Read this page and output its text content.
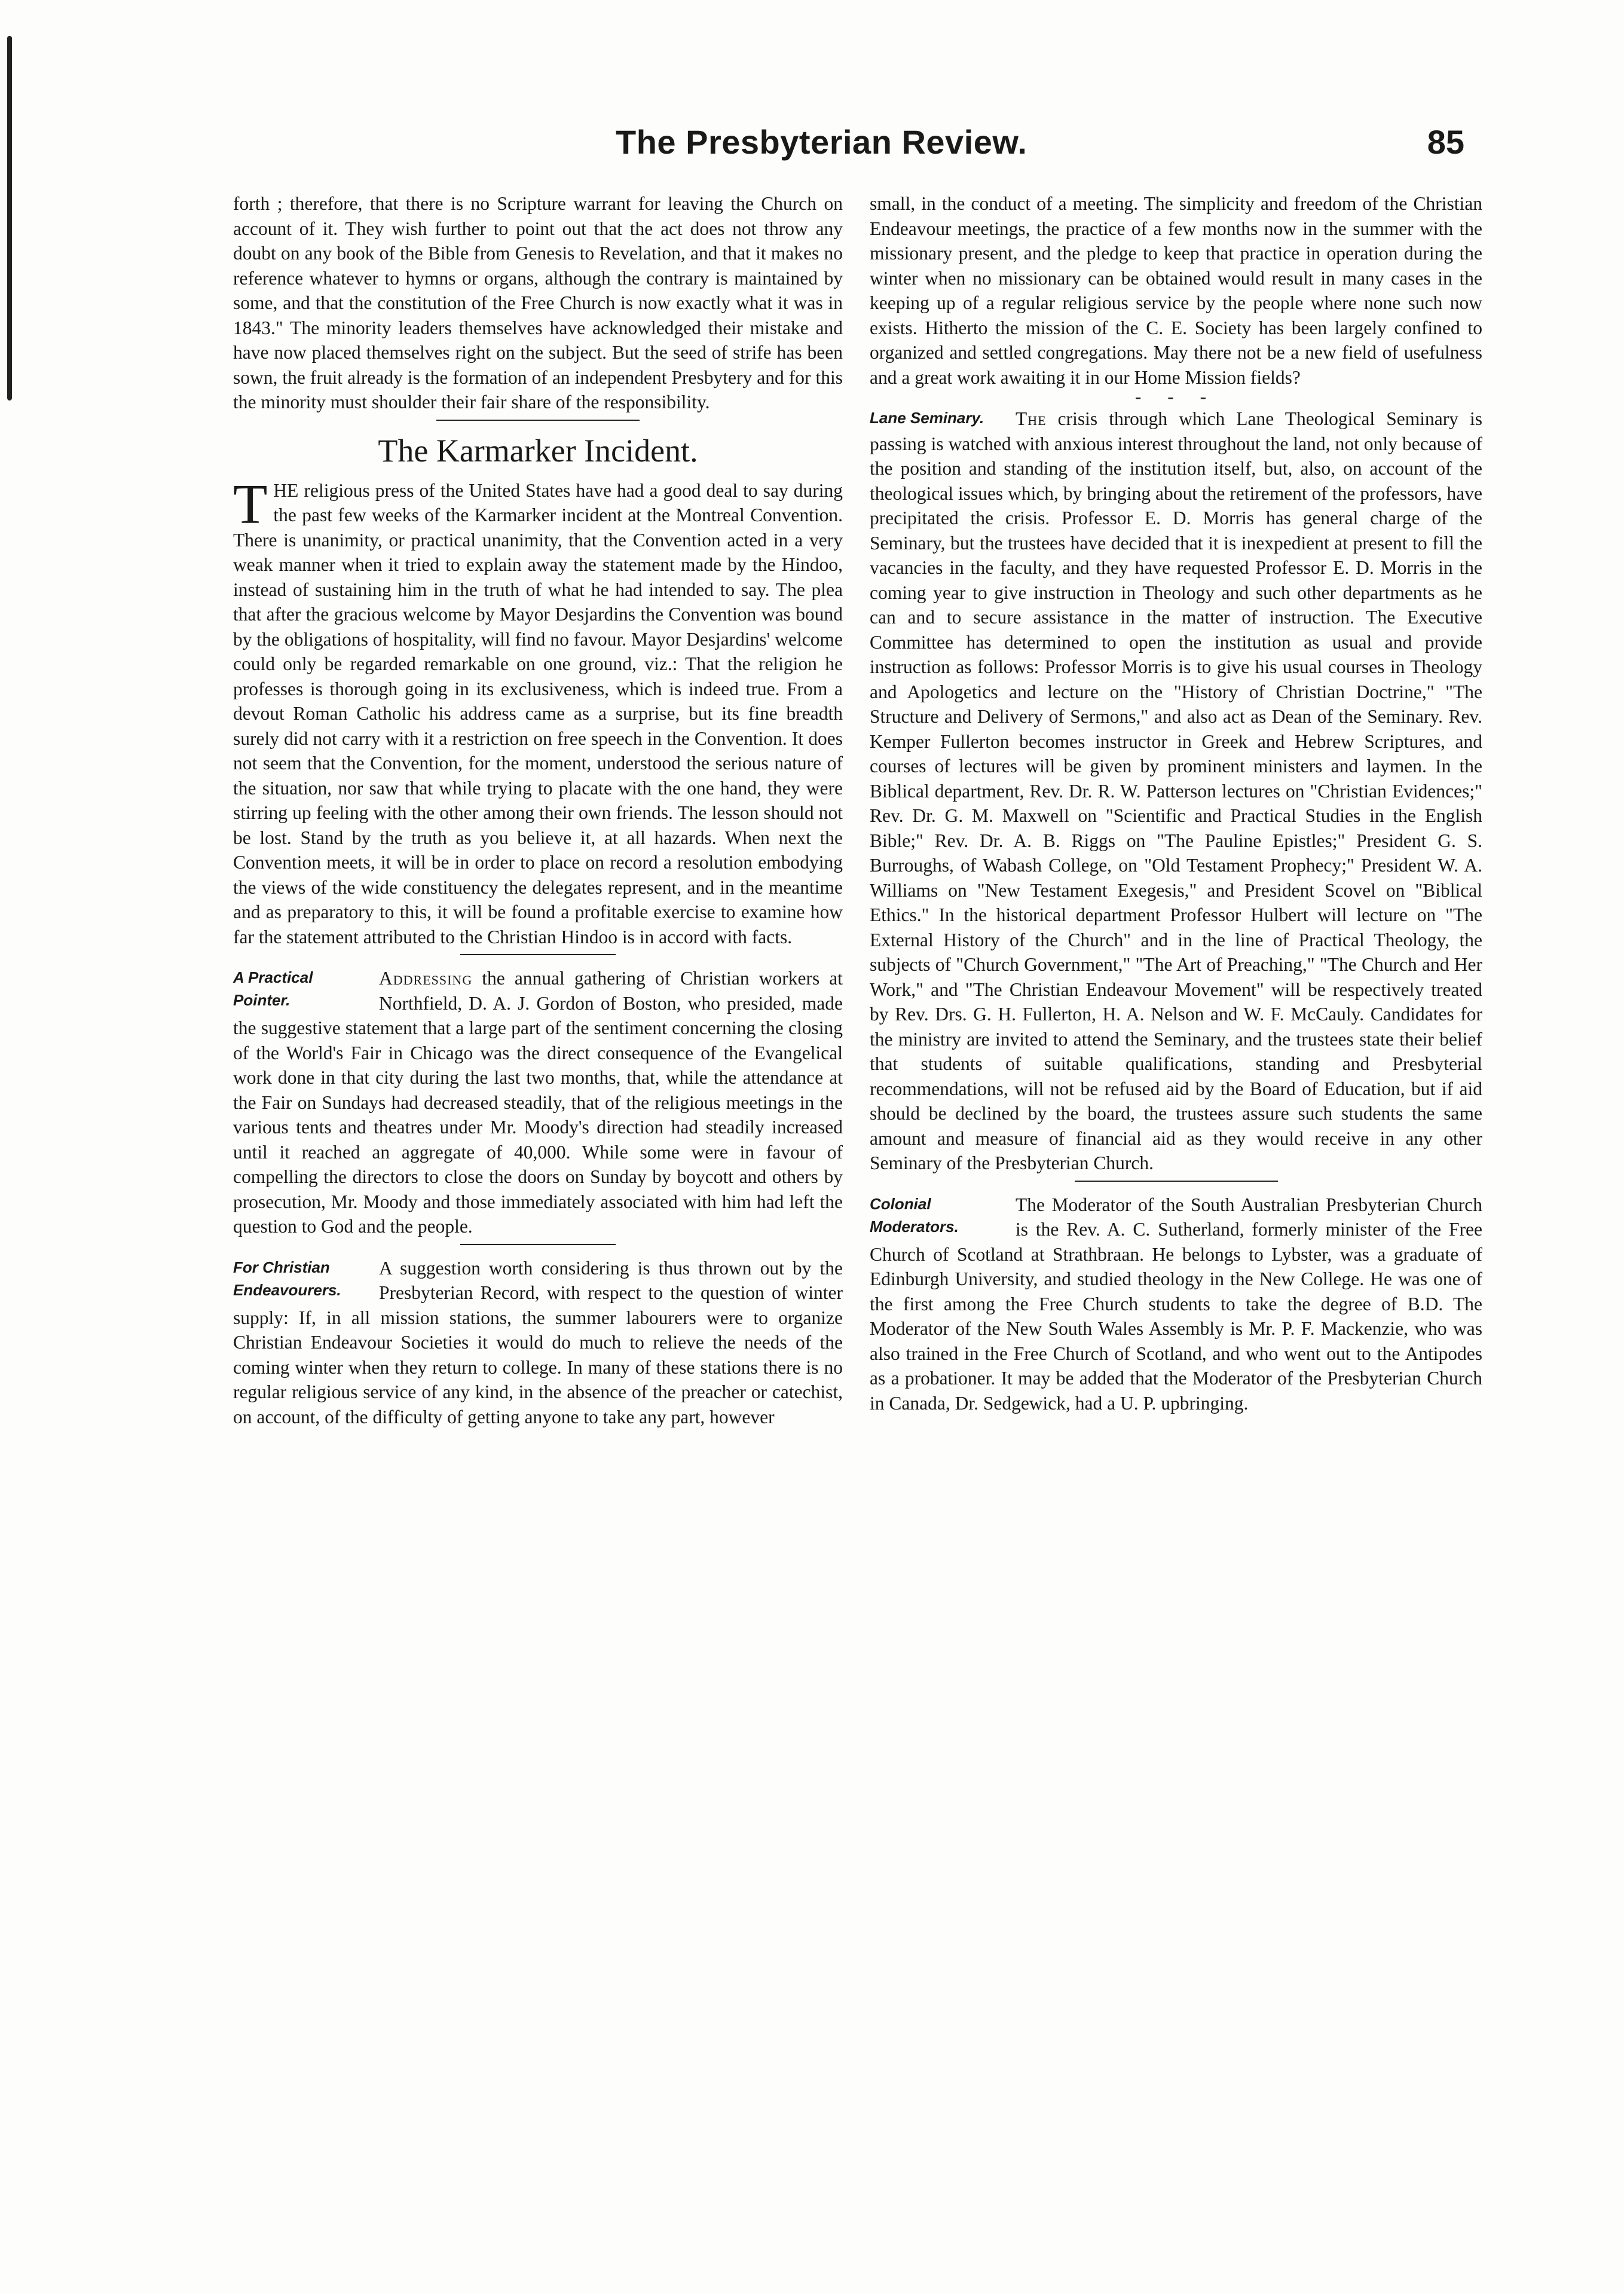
The Presbyterian Review.	85

forth ; therefore, that there is no Scripture warrant for leaving the Church on account of it. They wish further to point out that the act does not throw any doubt on any book of the Bible from Genesis to Revelation, and that it makes no reference whatever to hymns or organs, although the contrary is maintained by some, and that the constitution of the Free Church is now exactly what it was in 1843." The minority leaders themselves have acknowledged their mistake and have now placed themselves right on the subject. But the seed of strife has been sown, the fruit already is the formation of an independent Presbytery and for this the minority must shoulder their fair share of the responsibility.

The Karmarker Incident.
T HE religious press of the United States have had a good deal to say during the past few weeks of the Karmarker incident at the Montreal Convention. There is unanimity, or practical unanimity, that the Convention acted in a very weak manner when it tried to explain away the statement made by the Hindoo, instead of sustaining him in the truth of what he had intended to say. The plea that after the gracious welcome by Mayor Desjardins the Convention was bound by the obligations of hospitality, will find no favour. Mayor Desjardins' welcome could only be regarded remarkable on one ground, viz.: That the religion he professes is thorough going in its exclusiveness, which is indeed true. From a devout Roman Catholic his address came as a surprise, but its fine breadth surely did not carry with it a restriction on free speech in the Convention. It does not seem that the Convention, for the moment, understood the serious nature of the situation, nor saw that while trying to placate with the one hand, they were stirring up feeling with the other among their own friends. The lesson should not be lost. Stand by the truth as you believe it, at all hazards. When next the Convention meets, it will be in order to place on record a resolution embodying the views of the wide constituency the delegates represent, and in the meantime and as preparatory to this, it will be found a profitable exercise to examine how far the statement attributed to the Christian Hindoo is in accord with facts.
A Practical Pointer.
Addressing the annual gathering of Christian workers at Northfield, D. A. J. Gordon of Boston, who presided, made the suggestive statement that a large part of the sentiment concerning the closing of the World's Fair in Chicago was the direct consequence of the Evangelical work done in that city during the last two months, that, while the attendance at the Fair on Sundays had decreased steadily, that of the religious meetings in the various tents and theatres under Mr. Moody's direction had steadily increased until it reached an aggregate of 40,000. While some were in favour of compelling the directors to close the doors on Sunday by boycott and others by prosecution, Mr. Moody and those immediately associated with him had left the question to God and the people.
For Christian Endeavourers.
A suggestion worth considering is thus thrown out by the Presbyterian Record, with respect to the question of winter supply: If, in all mission stations, the summer labourers were to organize Christian Endeavour Societies it would do much to relieve the needs of the coming winter when they return to college. In many of these stations there is no regular religious service of any kind, in the absence of the preacher or catechist, on account, of the difficulty of getting anyone to take any part, however

small, in the conduct of a meeting. The simplicity and freedom of the Christian Endeavour meetings, the practice of a few months now in the summer with the missionary present, and the pledge to keep that practice in operation during the winter when no missionary can be obtained would result in many cases in the keeping up of a regular religious service by the people where none such now exists. Hitherto the mission of the C. E. Society has been largely confined to organized and settled congregations. May there not be a new field of usefulness and a great work awaiting it in our Home Mission fields?

- - -
Lane Seminary.	The crisis through which Lane Theological Seminary is passing is watched with anxious interest throughout the land, not only because of the position and standing of the institution itself, but, also, on account of the theological issues which, by bringing about the retirement of the professors, have precipitated the crisis. Professor E. D. Morris has general charge of the Seminary, but the trustees have decided that it is inexpedient at present to fill the vacancies in the faculty, and they have requested Professor E. D. Morris in the coming year to give instruction in Theology and such other departments as he can and to secure assistance in the matter of instruction. The Executive Committee has determined to open the institution as usual and provide instruction as follows: Professor Morris is to give his usual courses in Theology and Apologetics and lecture on the "History of Christian Doctrine," "The Structure and Delivery of Sermons," and also act as Dean of the Seminary. Rev. Kemper Fullerton becomes instructor in Greek and Hebrew Scriptures, and courses of lectures will be given by prominent ministers and laymen. In the Biblical department, Rev. Dr. R. W. Patterson lectures on "Christian Evidences;" Rev. Dr. G. M. Maxwell on "Scientific and Practical Studies in the English Bible;" Rev. Dr. A. B. Riggs on "The Pauline Epistles;" President G. S. Burroughs, of Wabash College, on "Old Testament Prophecy;" President W. A. Williams on "New Testament Exegesis," and President Scovel on "Biblical Ethics." In the historical department Professor Hulbert will lecture on "The External History of the Church" and in the line of Practical Theology, the subjects of "Church Government," "The Art of Preaching," "The Church and Her Work," and "The Christian Endeavour Movement" will be respectively treated by Rev. Drs. G. H. Fullerton, H. A. Nelson and W. F. McCauly. Candidates for the ministry are invited to attend the Seminary, and the trustees state their belief that students of suitable qualifications, standing and Presbyterial recommendations, will not be refused aid by the Board of Education, but if aid should be declined by the board, the trustees assure such students the same amount and measure of financial aid as they would receive in any other Seminary of the Presbyterian Church.
Colonial Moderators.
The Moderator of the South Australian Presbyterian Church is the Rev. A. C. Sutherland, formerly minister of the Free Church of Scotland at Strathbraan. He belongs to Lybster, was a graduate of Edinburgh University, and studied theology in the New College. He was one of the first among the Free Church students to take the degree of B.D. The Moderator of the New South Wales Assembly is Mr. P. F. Mackenzie, who was also trained in the Free Church of Scotland, and who went out to the Antipodes as a probationer. It may be added that the Moderator of the Presbyterian Church in Canada, Dr. Sedgewick, had a U. P. upbringing.
